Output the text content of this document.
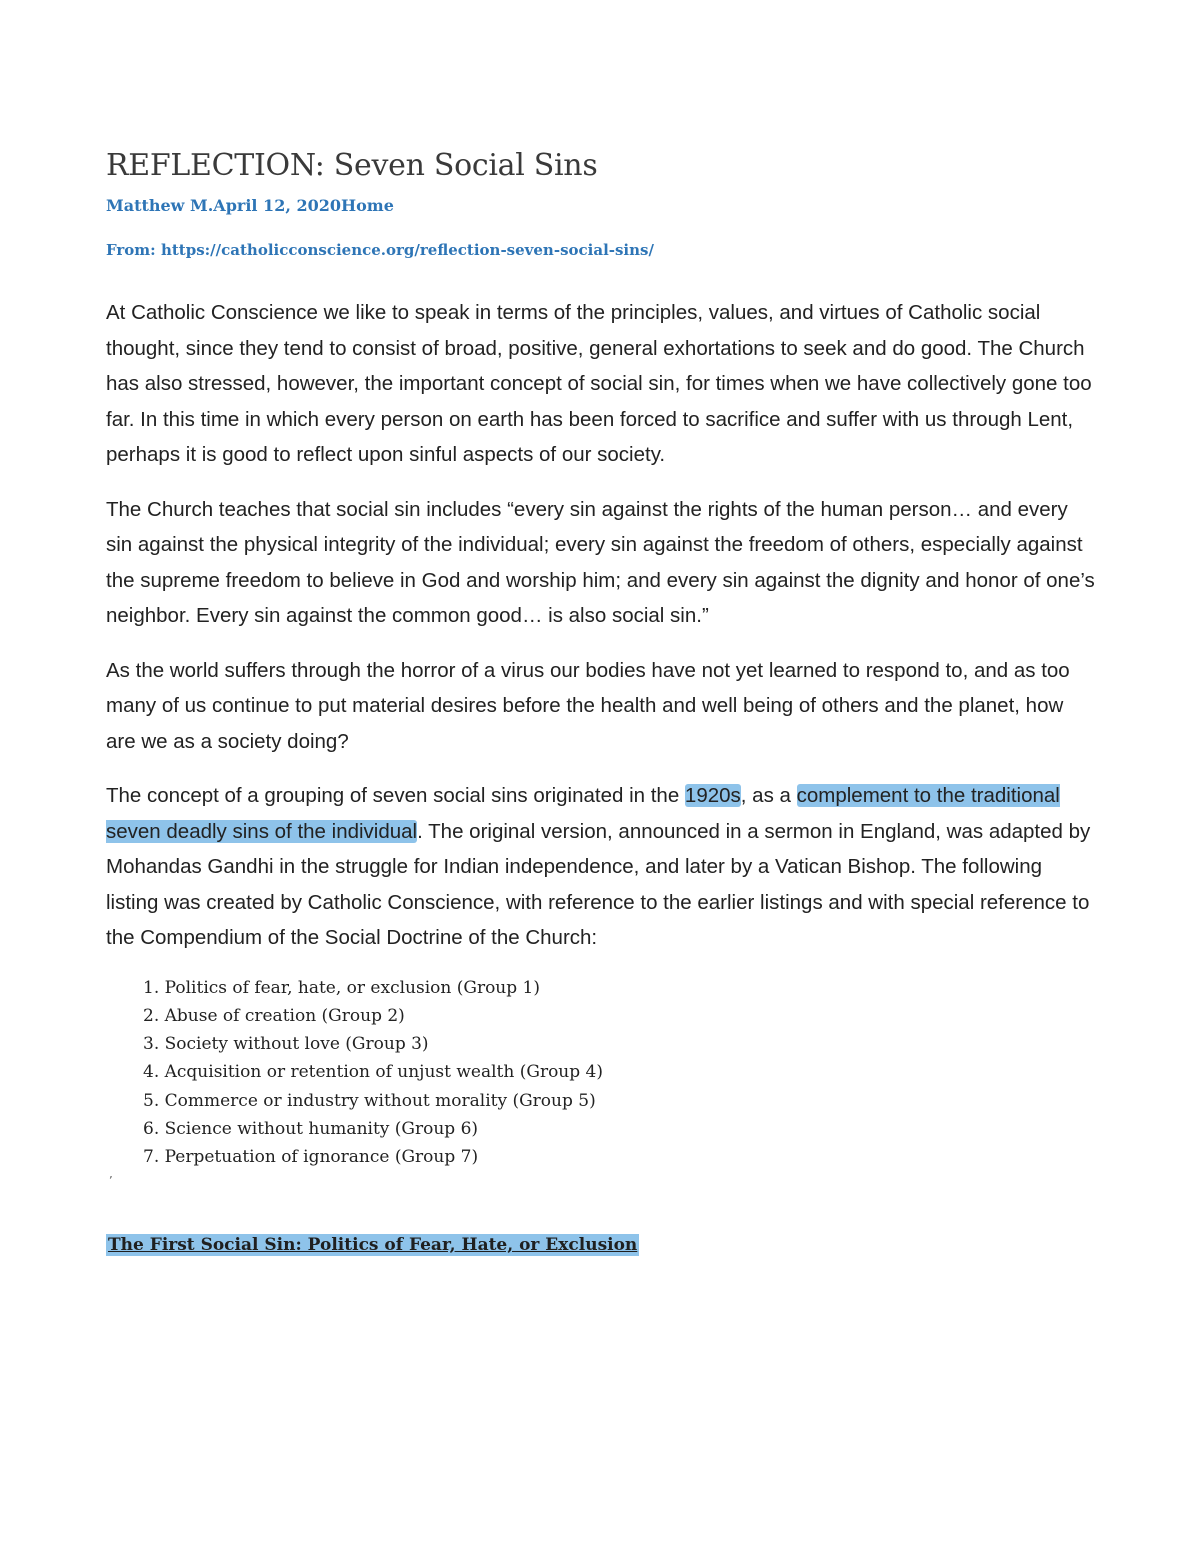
REFLECTION: Seven Social Sins
Matthew M.April 12, 2020Home
From: https://catholicconscience.org/reflection-seven-social-sins/

At Catholic Conscience we like to speak in terms of the principles, values, and virtues of Catholic social thought, since they tend to consist of broad, positive, general exhortations to seek and do good. The Church has also stressed, however, the important concept of social sin, for times when we have collectively gone too far. In this time in which every person on earth has been forced to sacrifice and suffer with us through Lent, perhaps it is good to reflect upon sinful aspects of our society.

The Church teaches that social sin includes “every sin against the rights of the human person… and every sin against the physical integrity of the individual; every sin against the freedom of others, especially against the supreme freedom to believe in God and worship him; and every sin against the dignity and honor of one’s neighbor. Every sin against the common good… is also social sin.”

As the world suffers through the horror of a virus our bodies have not yet learned to respond to, and as too many of us continue to put material desires before the health and well being of others and the planet, how are we as a society doing?

The concept of a grouping of seven social sins originated in the 1920s, as a complement to the traditional seven deadly sins of the individual. The original version, announced in a sermon in England, was adapted by Mohandas Gandhi in the struggle for Indian independence, and later by a Vatican Bishop. The following listing was created by Catholic Conscience, with reference to the earlier listings and with special reference to the Compendium of the Social Doctrine of the Church:

1. Politics of fear, hate, or exclusion (Group 1)
2. Abuse of creation (Group 2)
3. Society without love (Group 3)
4. Acquisition or retention of unjust wealth (Group 4)
5. Commerce or industry without morality (Group 5)
6. Science without humanity (Group 6)
7. Perpetuation of ignorance (Group 7)
’
The First Social Sin: Politics of Fear, Hate, or Exclusion
